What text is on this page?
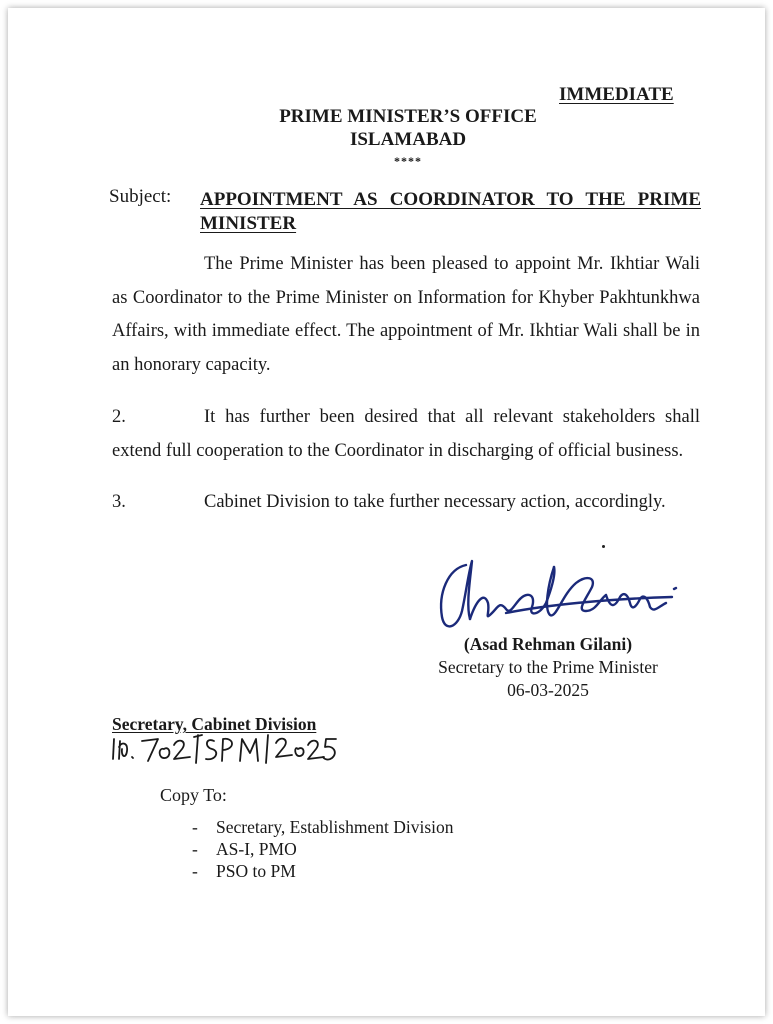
IMMEDIATE
PRIME MINISTER’S OFFICE
ISLAMABAD
****
Subject: APPOINTMENT AS COORDINATOR TO THE PRIME MINISTER
The Prime Minister has been pleased to appoint Mr. Ikhtiar Wali as Coordinator to the Prime Minister on Information for Khyber Pakhtunkhwa Affairs, with immediate effect. The appointment of Mr. Ikhtiar Wali shall be in an honorary capacity.
2.	It has further been desired that all relevant stakeholders shall extend full cooperation to the Coordinator in discharging of official business.
3.	Cabinet Division to take further necessary action, accordingly.
(Asad Rehman Gilani)
Secretary to the Prime Minister
06-03-2025
Secretary, Cabinet Division
Copy To:
- Secretary, Establishment Division
- AS-I, PMO
- PSO to PM
